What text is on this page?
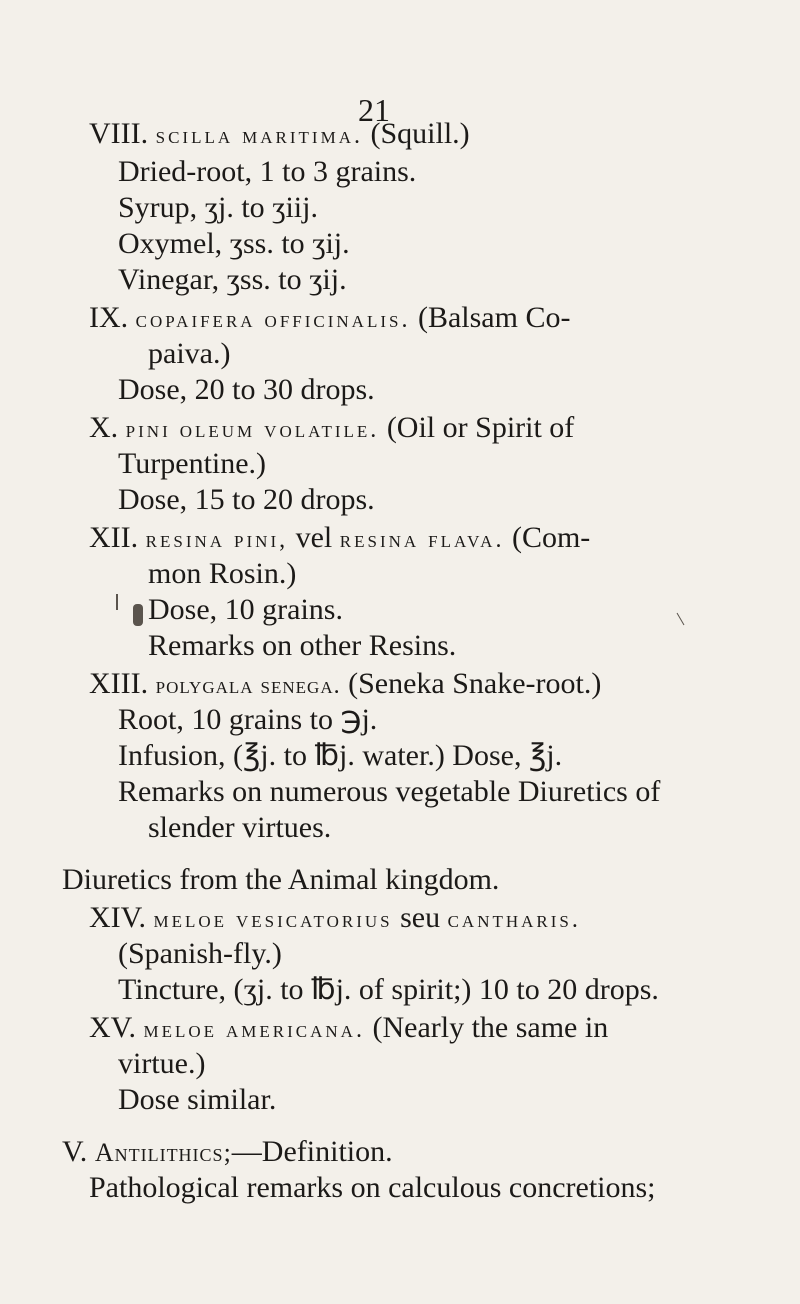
21
VIII. scilla maritima. (Squill.)
Dried-root, 1 to 3 grains.
Syrup, ʒj. to ʒiij.
Oxymel, ʒss. to ʒij.
Vinegar, ʒss. to ʒij.
IX. copaifera officinalis. (Balsam Co-
paiva.)
Dose, 20 to 30 drops.
X. pini oleum volatile. (Oil or Spirit of
Turpentine.)
Dose, 15 to 20 drops.
XII. resina pini, vel resina flava. (Com-
mon Rosin.)
Dose, 10 grains.
Remarks on other Resins.
XIII. polygala senega. (Seneka Snake-root.)
Root, 10 grains to ℈j.
Infusion, (℥j. to ℔j. water.) Dose, ℥j.
Remarks on numerous vegetable Diuretics of
slender virtues.
Diuretics from the Animal kingdom.
XIV. meloe vesicatorius seu cantharis.
(Spanish-fly.)
Tincture, (ʒj. to ℔j. of spirit;) 10 to 20 drops.
XV. meloe americana. (Nearly the same in
virtue.)
Dose similar.
V. Antilithics;—Definition.
Pathological remarks on calculous concretions;
